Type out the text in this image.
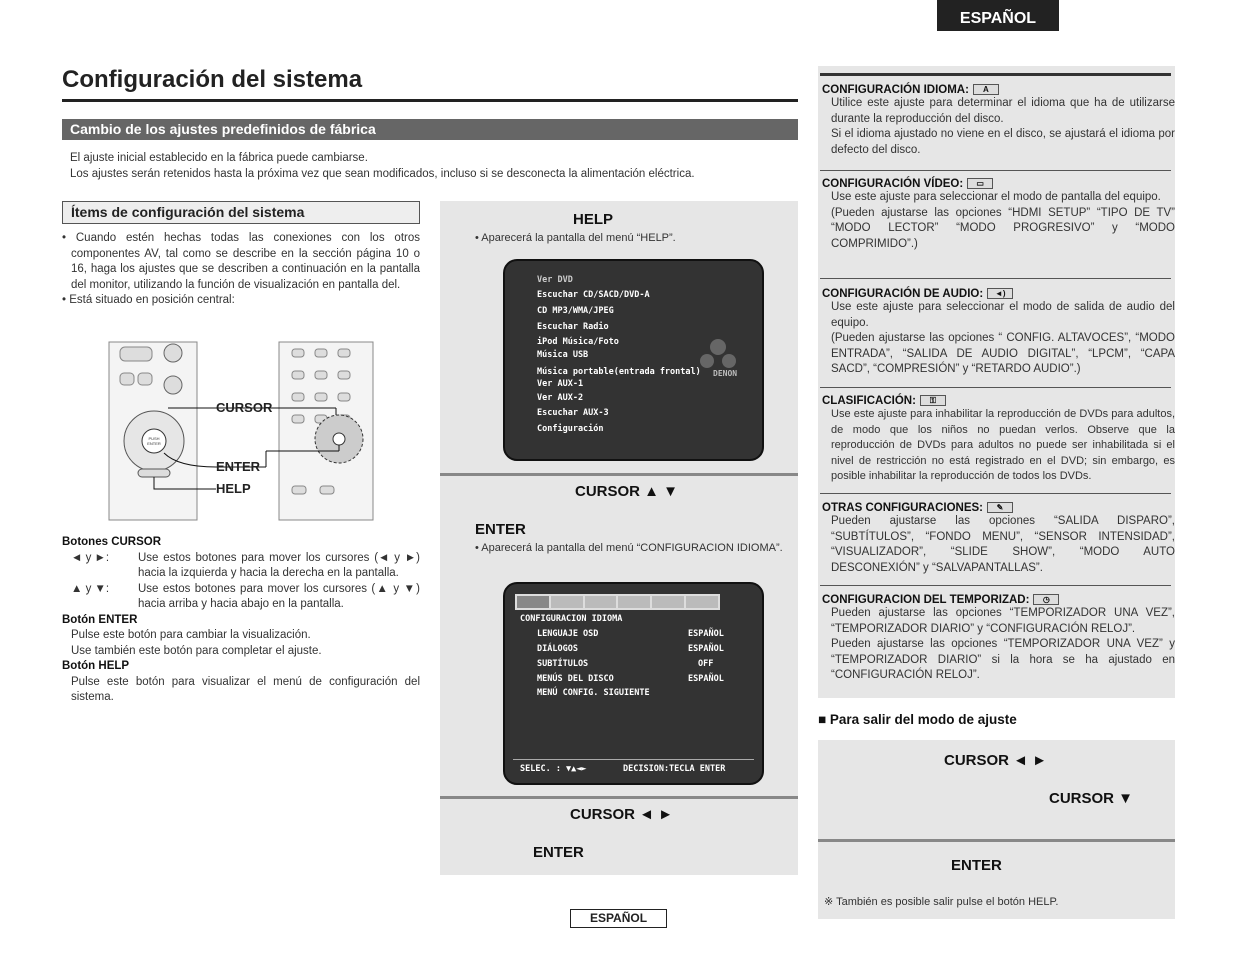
ESPAÑOL
Configuración del sistema
Cambio de los ajustes predefinidos de fábrica
El ajuste inicial establecido en la fábrica puede cambiarse.
Los ajustes serán retenidos hasta la próxima vez que sean modificados, incluso si se desconecta la alimentación eléctrica.
Ítems de configuración del sistema

• Cuando estén hechas todas las conexiones con los otros componentes AV, tal como se describe en la sección página 10 o 16, haga los ajustes que se describen a continuación en la pantalla del monitor, utilizando la función de visualización en pantalla del.

• Está situado en posición central:

PUSH
ENTER
CURSOR
ENTER
HELP
Botones CURSOR
◄ y ►:	Use estos botones para mover los cursores (◄ y ►) hacia la izquierda y hacia la derecha en la pantalla.
▲ y ▼:	Use estos botones para mover los cursores (▲ y ▼) hacia arriba y hacia abajo en la pantalla.
Botón ENTER
Pulse este botón para cambiar la visualización.
Use también este botón para completar el ajuste.
Botón HELP
Pulse este botón para visualizar el menú de configuración del sistema.
HELP
• Aparecerá la pantalla del menú “HELP”.
Ver DVD
Escuchar CD/SACD/DVD-A
CD MP3/WMA/JPEG
Escuchar Radio
iPod Música/Foto
Música USB
Música portable(entrada frontal)
Ver AUX-1
Ver AUX-2
Escuchar AUX-3
Configuración
DENON
CURSOR ▲ ▼
ENTER
• Aparecerá la pantalla del menú “CONFIGURACION IDIOMA”.
CONFIGURACION IDIOMA
LENGUAJE OSD	ESPAÑOL
DIÁLOGOS	ESPAÑOL
SUBTÍTULOS	OFF
MENÚS DEL DISCO	ESPAÑOL
MENÚ CONFIG. SIGUIENTE
SELEC. : ▼▲◄►	DECISION:TECLA ENTER
CURSOR ◄ ►
ENTER
CONFIGURACIÓN IDIOMA: A
Utilice este ajuste para determinar el idioma que ha de utilizarse durante la reproducción del disco.
Si el idioma ajustado no viene en el disco, se ajustará el idioma por defecto del disco.
CONFIGURACIÓN VÍDEO: ▭
Use este ajuste para seleccionar el modo de pantalla del equipo.
(Pueden ajustarse las opciones “HDMI SETUP” “TIPO DE TV” “MODO LECTOR” “MODO PROGRESIVO” y “MODO COMPRIMIDO”.)
CONFIGURACIÓN DE AUDIO: ◄)
Use este ajuste para seleccionar el modo de salida de audio del equipo.
(Pueden ajustarse las opciones “ CONFIG. ALTAVOCES”, “MODO ENTRADA”, “SALIDA DE AUDIO DIGITAL”, “LPCM”, “CAPA SACD”, “COMPRESIÓN” y “RETARDO AUDIO”.)
CLASIFICACIÓN: ⚿
Use este ajuste para inhabilitar la reproducción de DVDs para adultos, de modo que los niños no puedan verlos. Observe que la reproducción de DVDs para adultos no puede ser inhabilitada si el nivel de restricción no está registrado en el DVD; sin embargo, es posible inhabilitar la reproducción de todos los DVDs.
OTRAS CONFIGURACIONES: ✎
Pueden ajustarse las opciones “SALIDA DISPARO”, “SUBTÍTULOS”, “FONDO MENU”, “SENSOR INTENSIDAD”, “VISUALIZADOR”, “SLIDE SHOW”, “MODO AUTO DESCONEXIÓN” y “SALVAPANTALLAS”.
CONFIGURACION DEL TEMPORIZAD: ◷
Pueden ajustarse las opciones “TEMPORIZADOR UNA VEZ”, “TEMPORIZADOR DIARIO” y “CONFIGURACIÓN RELOJ”.
Pueden ajustarse las opciones “TEMPORIZADOR UNA VEZ” y “TEMPORIZADOR DIARIO” si la hora se ha ajustado en “CONFIGURACIÓN RELOJ”.
■ Para salir del modo de ajuste
CURSOR ◄ ►
CURSOR ▼
ENTER
※ También es posible salir pulse el botón HELP.
ESPAÑOL
